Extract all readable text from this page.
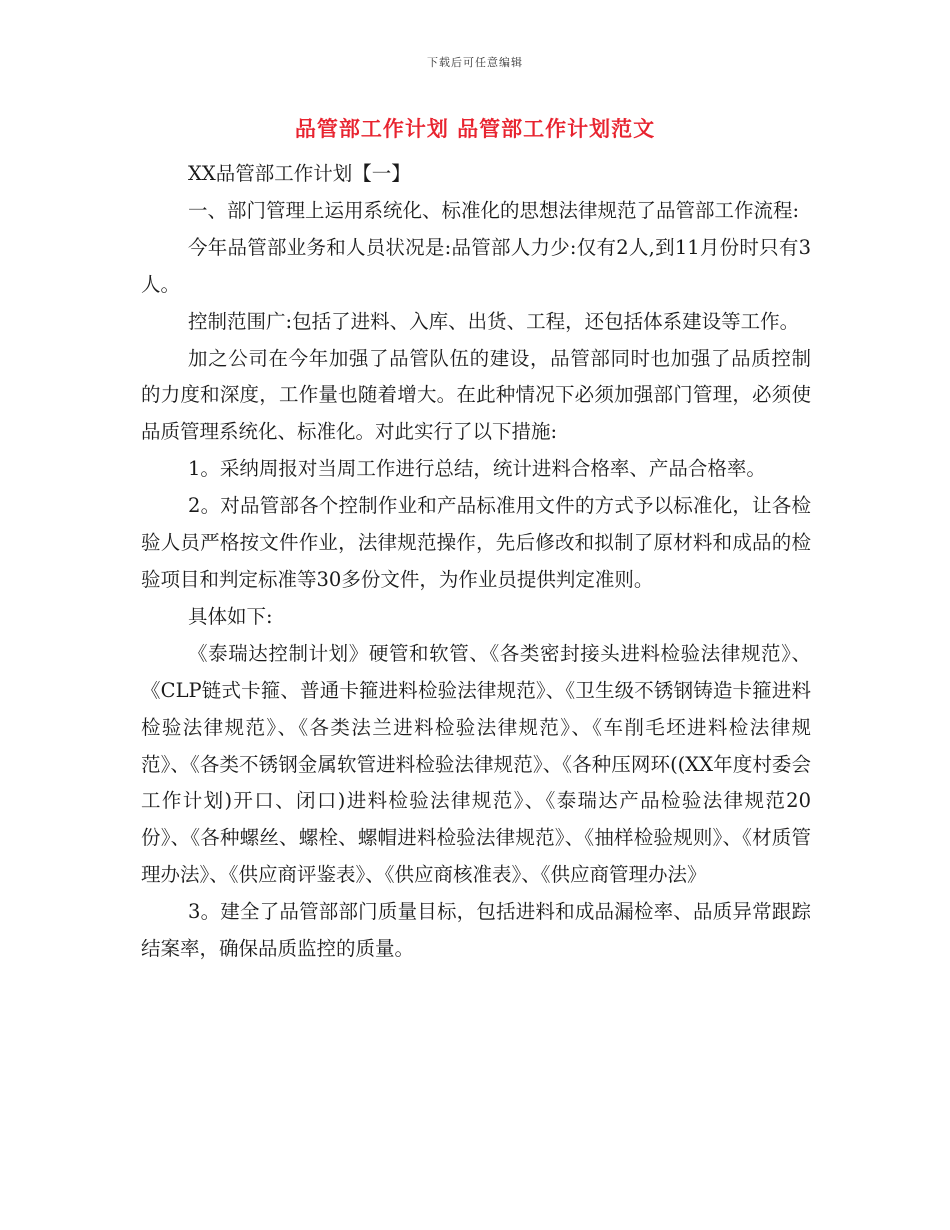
下载后可任意编辑
品管部工作计划 品管部工作计划范文

XX品管部工作计划【一】

一、部门管理上运用系统化、标准化的思想法律规范了品管部工作流程:

今年品管部业务和人员状况是:品管部人力少:仅有2人,到11月份时只有3人。

控制范围广:包括了进料、入库、出货、工程，还包括体系建设等工作。

加之公司在今年加强了品管队伍的建设，品管部同时也加强了品质控制的力度和深度，工作量也随着增大。在此种情况下必须加强部门管理，必须使品质管理系统化、标准化。对此实行了以下措施:

1。采纳周报对当周工作进行总结，统计进料合格率、产品合格率。

2。对品管部各个控制作业和产品标准用文件的方式予以标准化，让各检验人员严格按文件作业，法律规范操作，先后修改和拟制了原材料和成品的检验项目和判定标准等30多份文件，为作业员提供判定准则。

具体如下:

《泰瑞达控制计划》硬管和软管、《各类密封接头进料检验法律规范》、《CLP链式卡箍、普通卡箍进料检验法律规范》、《卫生级不锈钢铸造卡箍进料检验法律规范》、《各类法兰进料检验法律规范》、《车削毛坯进料检法律规范》、《各类不锈钢金属软管进料检验法律规范》、《各种压网环((XX年度村委会工作计划)开口、闭口)进料检验法律规范》、《泰瑞达产品检验法律规范20份》、《各种螺丝、螺栓、螺帽进料检验法律规范》、《抽样检验规则》、《材质管理办法》、《供应商评鉴表》、《供应商核准表》、《供应商管理办法》

3。建全了品管部部门质量目标，包括进料和成品漏检率、品质异常跟踪结案率，确保品质监控的质量。
